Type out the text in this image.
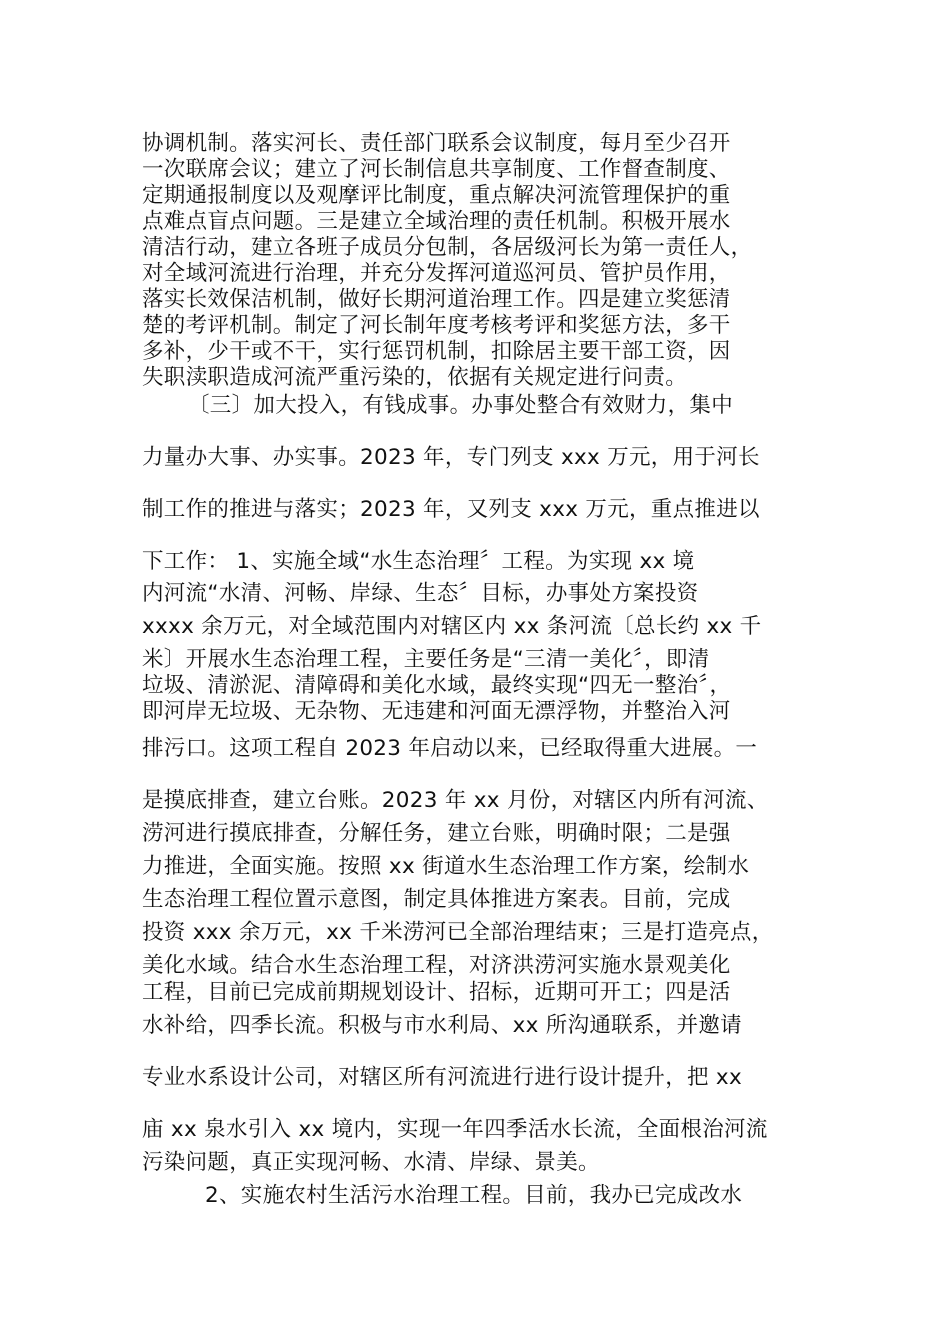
协调机制。落实河长、责任部门联系会议制度，每月至少召开
一次联席会议；建立了河长制信息共享制度、工作督查制度、
定期通报制度以及观摩评比制度，重点解决河流管理保护的重
点难点盲点问题。三是建立全域治理的责任机制。积极开展水
清洁行动，建立各班子成员分包制，各居级河长为第一责任人，
对全域河流进行治理，并充分发挥河道巡河员、管护员作用，
落实长效保洁机制，做好长期河道治理工作。四是建立奖惩清
楚的考评机制。制定了河长制年度考核考评和奖惩方法，多干
多补，少干或不干，实行惩罚机制，扣除居主要干部工资，因
失职渎职造成河流严重污染的，依据有关规定进行问责。
〔三〕加大投入，有钱成事。办事处整合有效财力，集中
力量办大事、办实事。2023 年，专门列支 xxx 万元，用于河长
制工作的推进与落实；2023 年，又列支 xxx 万元，重点推进以
下工作： 1、实施全域“水生态治理〞工程。为实现 xx 境
内河流“水清、河畅、岸绿、生态〞目标，办事处方案投资
xxxx 余万元，对全域范围内对辖区内 xx 条河流〔总长约 xx 千
米〕开展水生态治理工程，主要任务是“三清一美化〞，即清
垃圾、清淤泥、清障碍和美化水域，最终实现“四无一整治〞，
即河岸无垃圾、无杂物、无违建和河面无漂浮物，并整治入河
排污口。这项工程自 2023 年启动以来，已经取得重大进展。一
是摸底排查，建立台账。2023 年 xx 月份，对辖区内所有河流、
涝河进行摸底排查，分解任务，建立台账，明确时限；二是强
力推进，全面实施。按照 xx 街道水生态治理工作方案，绘制水
生态治理工程位置示意图，制定具体推进方案表。目前，完成
投资 xxx 余万元，xx 千米涝河已全部治理结束；三是打造亮点，
美化水域。结合水生态治理工程，对济洪涝河实施水景观美化
工程，目前已完成前期规划设计、招标，近期可开工；四是活
水补给，四季长流。积极与市水利局、xx 所沟通联系，并邀请
专业水系设计公司，对辖区所有河流进行进行设计提升，把 xx
庙 xx 泉水引入 xx 境内，实现一年四季活水长流，全面根治河流
污染问题，真正实现河畅、水清、岸绿、景美。
2、实施农村生活污水治理工程。目前，我办已完成改水
